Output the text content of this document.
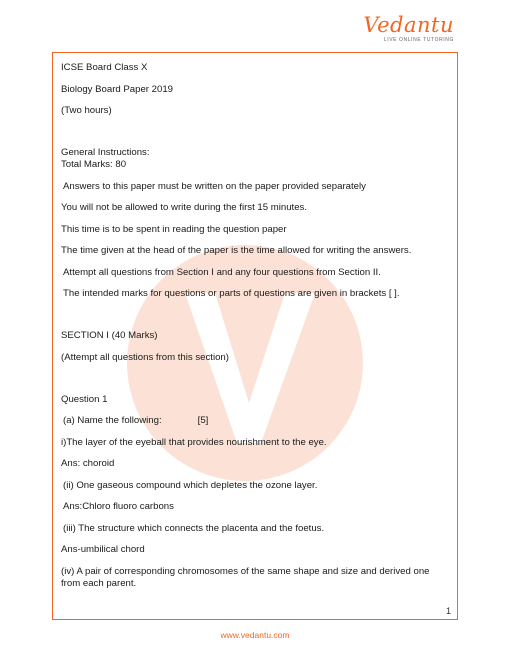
Vedantu
LIVE ONLINE TUTORING

ICSE Board Class X

Biology Board Paper 2019

(Two hours)

General Instructions:

Total Marks: 80

Answers to this paper must be written on the paper provided separately

You will not be allowed to write during the first 15 minutes.

This time is to be spent in reading the question paper

The time given at the head of the paper is the time allowed for writing the answers.

Attempt all questions from Section I and any four questions from Section II.

The intended marks for questions or parts of questions are given in brackets [ ].

SECTION I (40 Marks)

(Attempt all questions from this section)

Question 1

(a) Name the following:	[5]

i)The layer of the eyeball that provides nourishment to the eye.

Ans: choroid

(ii) One gaseous compound which depletes the ozone layer.

Ans:Chloro fluoro carbons

(iii) The structure which connects the placenta and the foetus.

Ans-umbilical chord

(iv) A pair of corresponding chromosomes of the same shape and size and derived one from each parent.

1
www.vedantu.com
